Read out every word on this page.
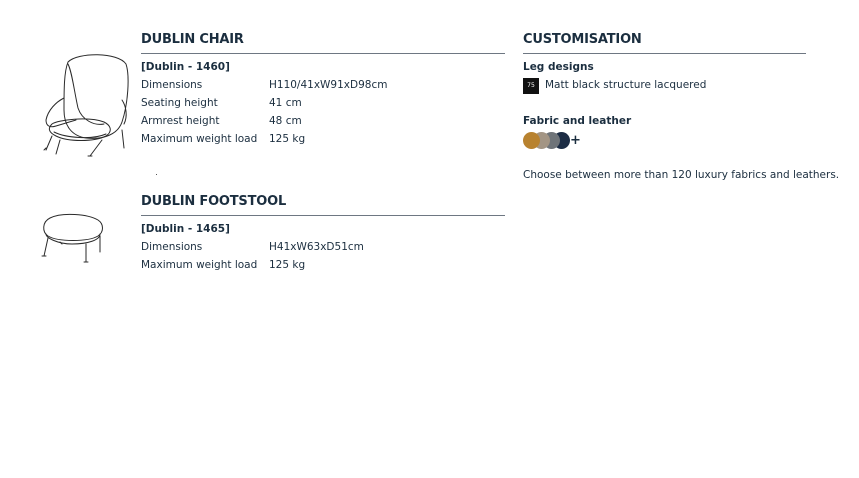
DUBLIN CHAIR
[Dublin - 1460]
Dimensions	H110/41xW91xD98cm
Seating height	41 cm
Armrest height	48 cm
Maximum weight load 125 kg
DUBLIN FOOTSTOOL
[Dublin - 1465]
Dimensions	H41xW63xD51cm
Maximum weight load 125 kg
CUSTOMISATION
Leg designs
75 Matt black structure lacquered
Fabric and leather
+
Choose between more than 120 luxury fabrics and leathers.
